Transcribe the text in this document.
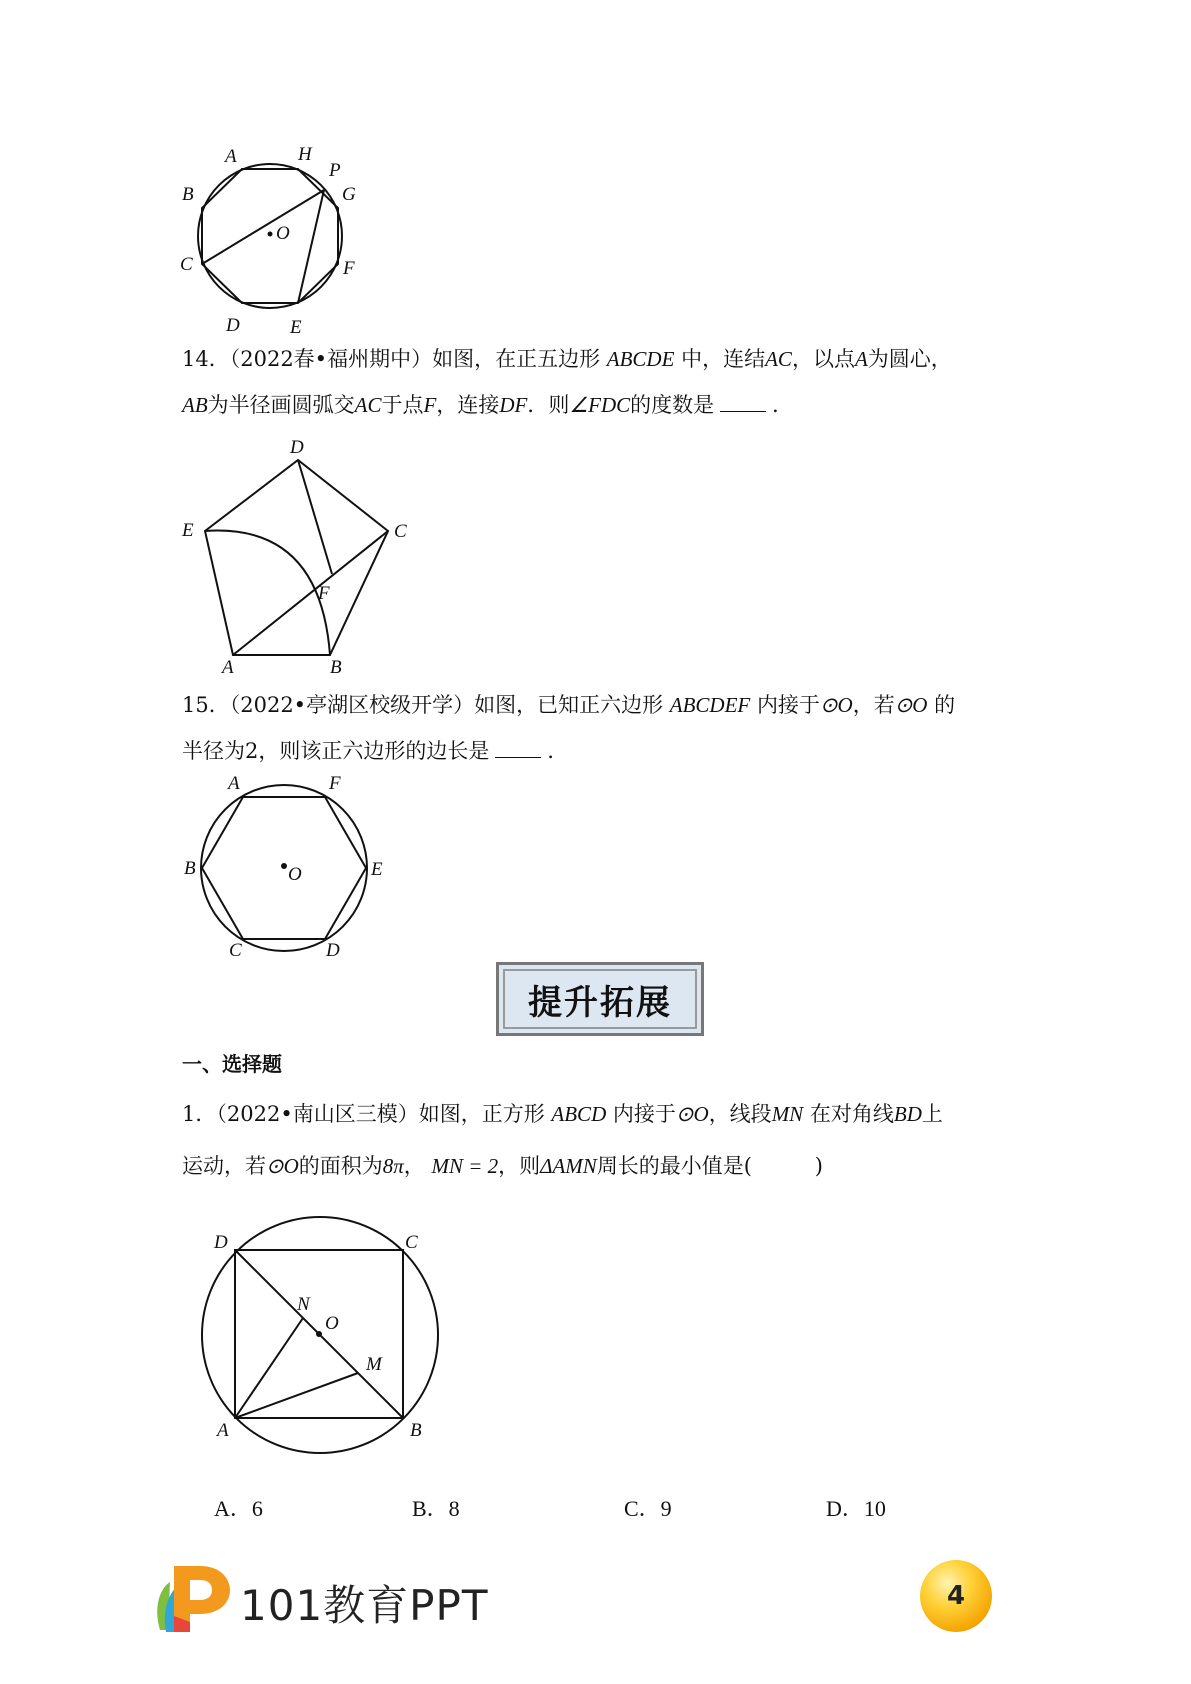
A	H
P
G
B
O
C	F
D	E

14．（2022春•福州期中）如图，在正五边形 ABCDE 中，连结AC，以点A为圆心，

AB为半径画圆弧交AC于点F，连接DF．则∠FDC的度数是	．

D
E	C
F
A	B

15．（2022•亭湖区校级开学）如图，已知正六边形 ABCDEF 内接于⊙O，若⊙O 的

半径为2，则该正六边形的边长是	．

A	F
B	O	E
C	D
提升拓展
一、选择题

1．（2022•南山区三模）如图，正方形 ABCD 内接于⊙O，线段MN 在对角线BD上

运动，若⊙O的面积为8π， MN = 2，则ΔAMN周长的最小值是(	)

D	C
N
O
M
A	B
A．6	B．8	C．9	D．10
101教育PPT	4
